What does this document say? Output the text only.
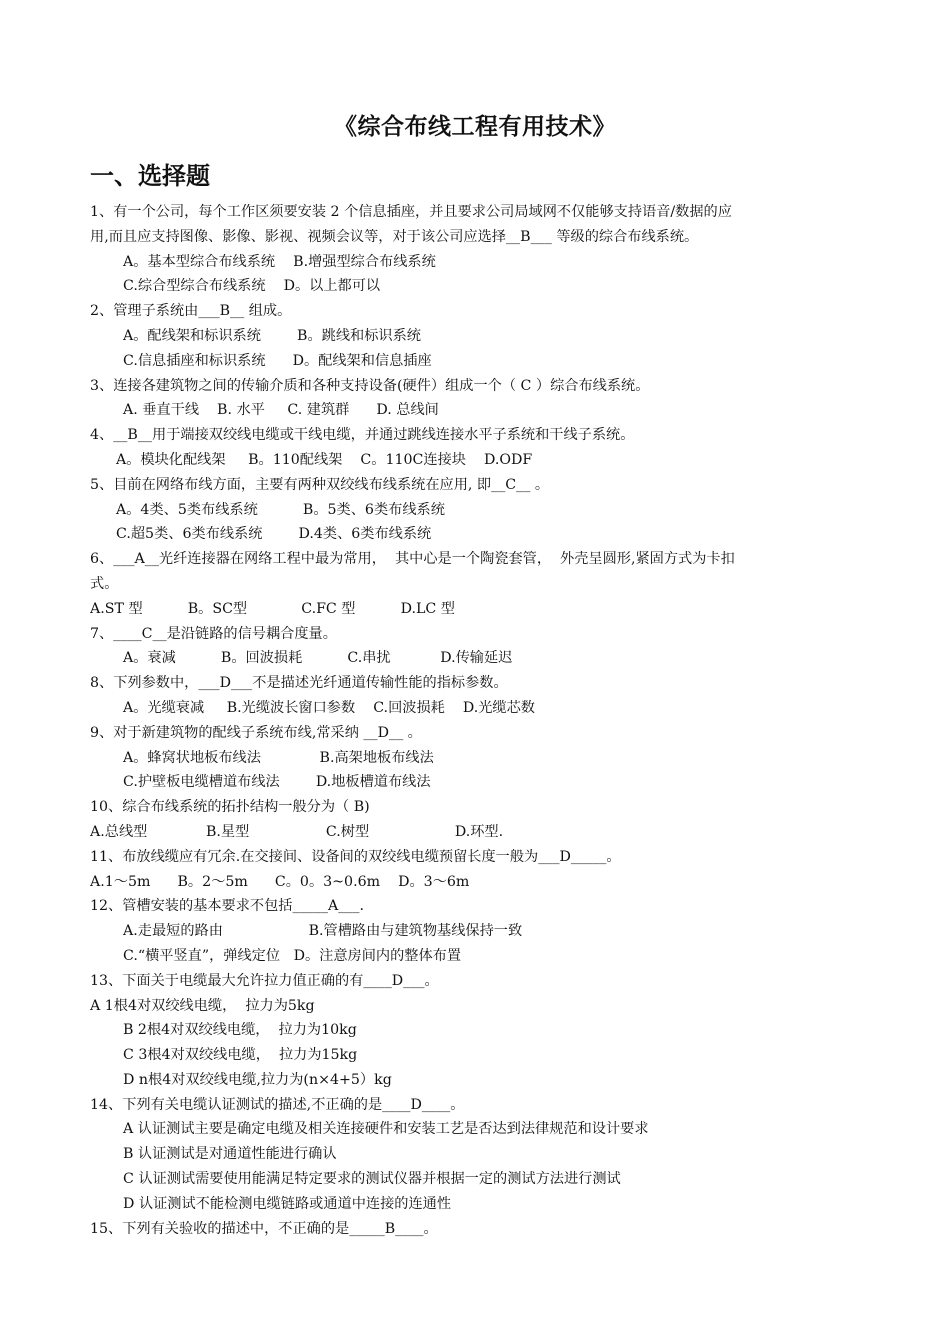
《综合布线工程有用技术》
一、选择题
1、有一个公司，每个工作区须要安装 2 个信息插座，并且要求公司局域网不仅能够支持语音/数据的应
用,而且应支持图像、影像、影视、视频会议等，对于该公司应选择__B___ 等级的综合布线系统。
A。基本型综合布线系统    B.增强型综合布线系统
C.综合型综合布线系统    D。以上都可以
2、管理子系统由___B__ 组成。
A。配线架和标识系统        B。跳线和标识系统
C.信息插座和标识系统      D。配线架和信息插座
3、连接各建筑物之间的传输介质和各种支持设备(硬件）组成一个（ C ）综合布线系统。
A. 垂直干线    B. 水平     C. 建筑群      D. 总线间
4、__B__用于端接双绞线电缆或干线电缆，并通过跳线连接水平子系统和干线子系统。
A。模块化配线架     B。110配线架    C。110C连接块    D.ODF
5、目前在网络布线方面，主要有两种双绞线布线系统在应用, 即__C__ 。
A。4类、5类布线系统          B。5类、6类布线系统
C.超5类、6类布线系统        D.4类、6类布线系统
6、___A__光纤连接器在网络工程中最为常用，  其中心是一个陶瓷套管，  外壳呈圆形,紧固方式为卡扣
式。
A.ST 型          B。SC型            C.FC 型          D.LC 型
7、____C__是沿链路的信号耦合度量。
A。衰减          B。回波损耗          C.串扰           D.传输延迟
8、下列参数中，___D___不是描述光纤通道传输性能的指标参数。
A。光缆衰减     B.光缆波长窗口参数    C.回波损耗    D.光缆芯数
9、对于新建筑物的配线子系统布线,常采纳 __D__ 。
A。蜂窝状地板布线法             B.高架地板布线法
C.护壁板电缆槽道布线法        D.地板槽道布线法
10、综合布线系统的拓扑结构一般分为（ B)
A.总线型             B.星型                 C.树型                   D.环型.
11、布放线缆应有冗余.在交接间、设备间的双绞线电缆预留长度一般为___D_____。
A.1～5m      B。2～5m      C。0。3~0.6m    D。3～6m
12、管槽安装的基本要求不包括_____A___.
A.走最短的路由                   B.管槽路由与建筑物基线保持一致
C.“横平竖直”，弹线定位   D。注意房间内的整体布置
13、下面关于电缆最大允许拉力值正确的有____D___。
A 1根4对双绞线电缆，  拉力为5kg
B 2根4对双绞线电缆，  拉力为10kg
C 3根4对双绞线电缆，  拉力为15kg
D n根4对双绞线电缆,拉力为(n×4+5）kg
14、下列有关电缆认证测试的描述,不正确的是____D____。
A 认证测试主要是确定电缆及相关连接硬件和安装工艺是否达到法律规范和设计要求
B 认证测试是对通道性能进行确认
C 认证测试需要使用能满足特定要求的测试仪器并根据一定的测试方法进行测试
D 认证测试不能检测电缆链路或通道中连接的连通性
15、下列有关验收的描述中，不正确的是_____B____。
